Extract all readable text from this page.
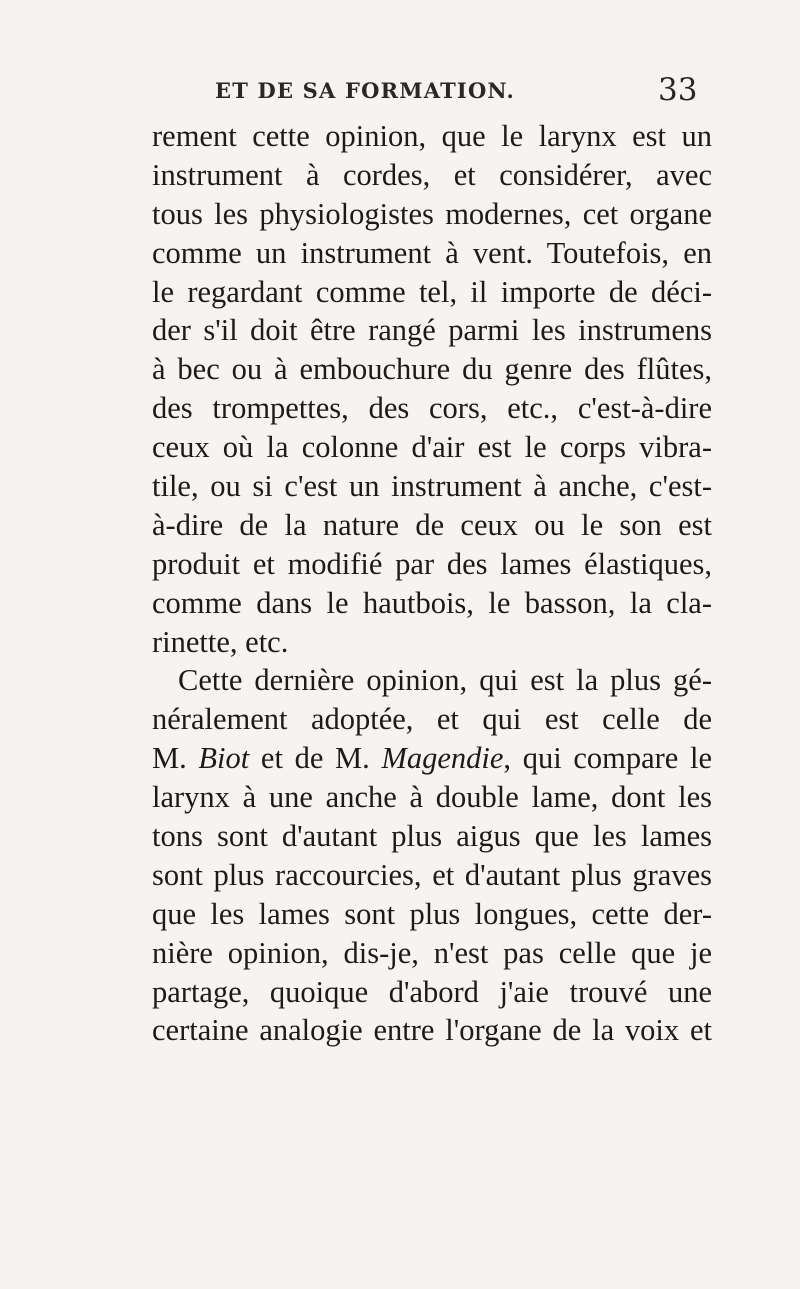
ET DE SA FORMATION.	33
rement cette opinion, que le larynx est un
instrument à cordes, et considérer, avec
tous les physiologistes modernes, cet organe
comme un instrument à vent. Toutefois, en
le regardant comme tel, il importe de déci-
der s'il doit être rangé parmi les instrumens
à bec ou à embouchure du genre des flûtes,
des trompettes, des cors, etc., c'est-à-dire
ceux où la colonne d'air est le corps vibra-
tile, ou si c'est un instrument à anche, c'est-
à-dire de la nature de ceux ou le son est
produit et modifié par des lames élastiques,
comme dans le hautbois, le basson, la cla-
rinette, etc.
Cette dernière opinion, qui est la plus gé-
néralement adoptée, et qui est celle de
M. Biot et de M. Magendie, qui compare le
larynx à une anche à double lame, dont les
tons sont d'autant plus aigus que les lames
sont plus raccourcies, et d'autant plus graves
que les lames sont plus longues, cette der-
nière opinion, dis-je, n'est pas celle que je
partage, quoique d'abord j'aie trouvé une
certaine analogie entre l'organe de la voix et
